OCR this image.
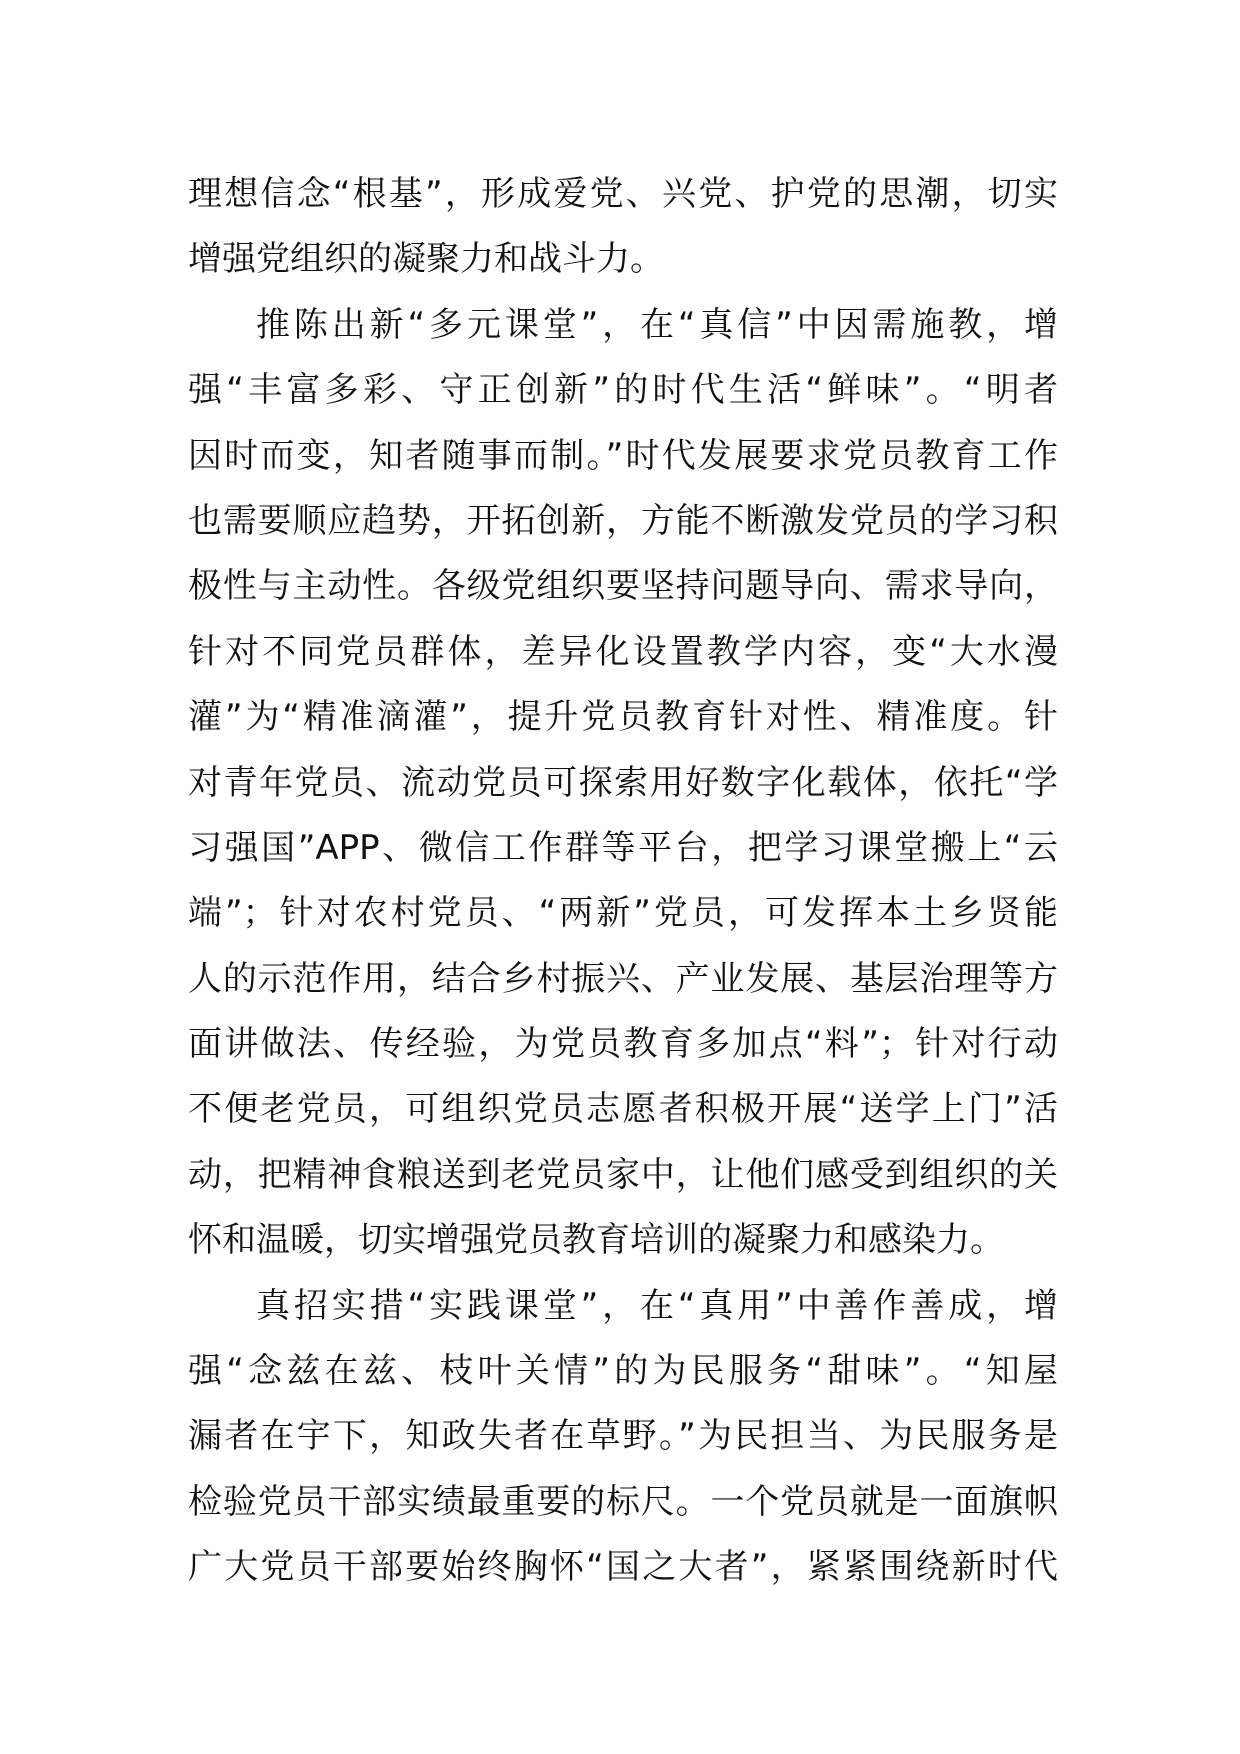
理想信念“根基”，形成爱党、兴党、护党的思潮，切实
增强党组织的凝聚力和战斗力。
推陈出新“多元课堂”，在“真信”中因需施教，增
强“丰富多彩、守正创新”的时代生活“鲜味”。“明者
因时而变，知者随事而制。”时代发展要求党员教育工作
也需要顺应趋势，开拓创新，方能不断激发党员的学习积
极性与主动性。各级党组织要坚持问题导向、需求导向，
针对不同党员群体，差异化设置教学内容，变“大水漫
灌”为“精准滴灌”，提升党员教育针对性、精准度。针
对青年党员、流动党员可探索用好数字化载体，依托“学
习强国”APP、微信工作群等平台，把学习课堂搬上“云
端”；针对农村党员、“两新”党员，可发挥本土乡贤能
人的示范作用，结合乡村振兴、产业发展、基层治理等方
面讲做法、传经验，为党员教育多加点“料”；针对行动
不便老党员，可组织党员志愿者积极开展“送学上门”活
动，把精神食粮送到老党员家中，让他们感受到组织的关
怀和温暖，切实增强党员教育培训的凝聚力和感染力。
真招实措“实践课堂”，在“真用”中善作善成，增
强“念兹在兹、枝叶关情”的为民服务“甜味”。“知屋
漏者在宇下，知政失者在草野。”为民担当、为民服务是
检验党员干部实绩最重要的标尺。一个党员就是一面旗帜
广大党员干部要始终胸怀“国之大者”，紧紧围绕新时代
